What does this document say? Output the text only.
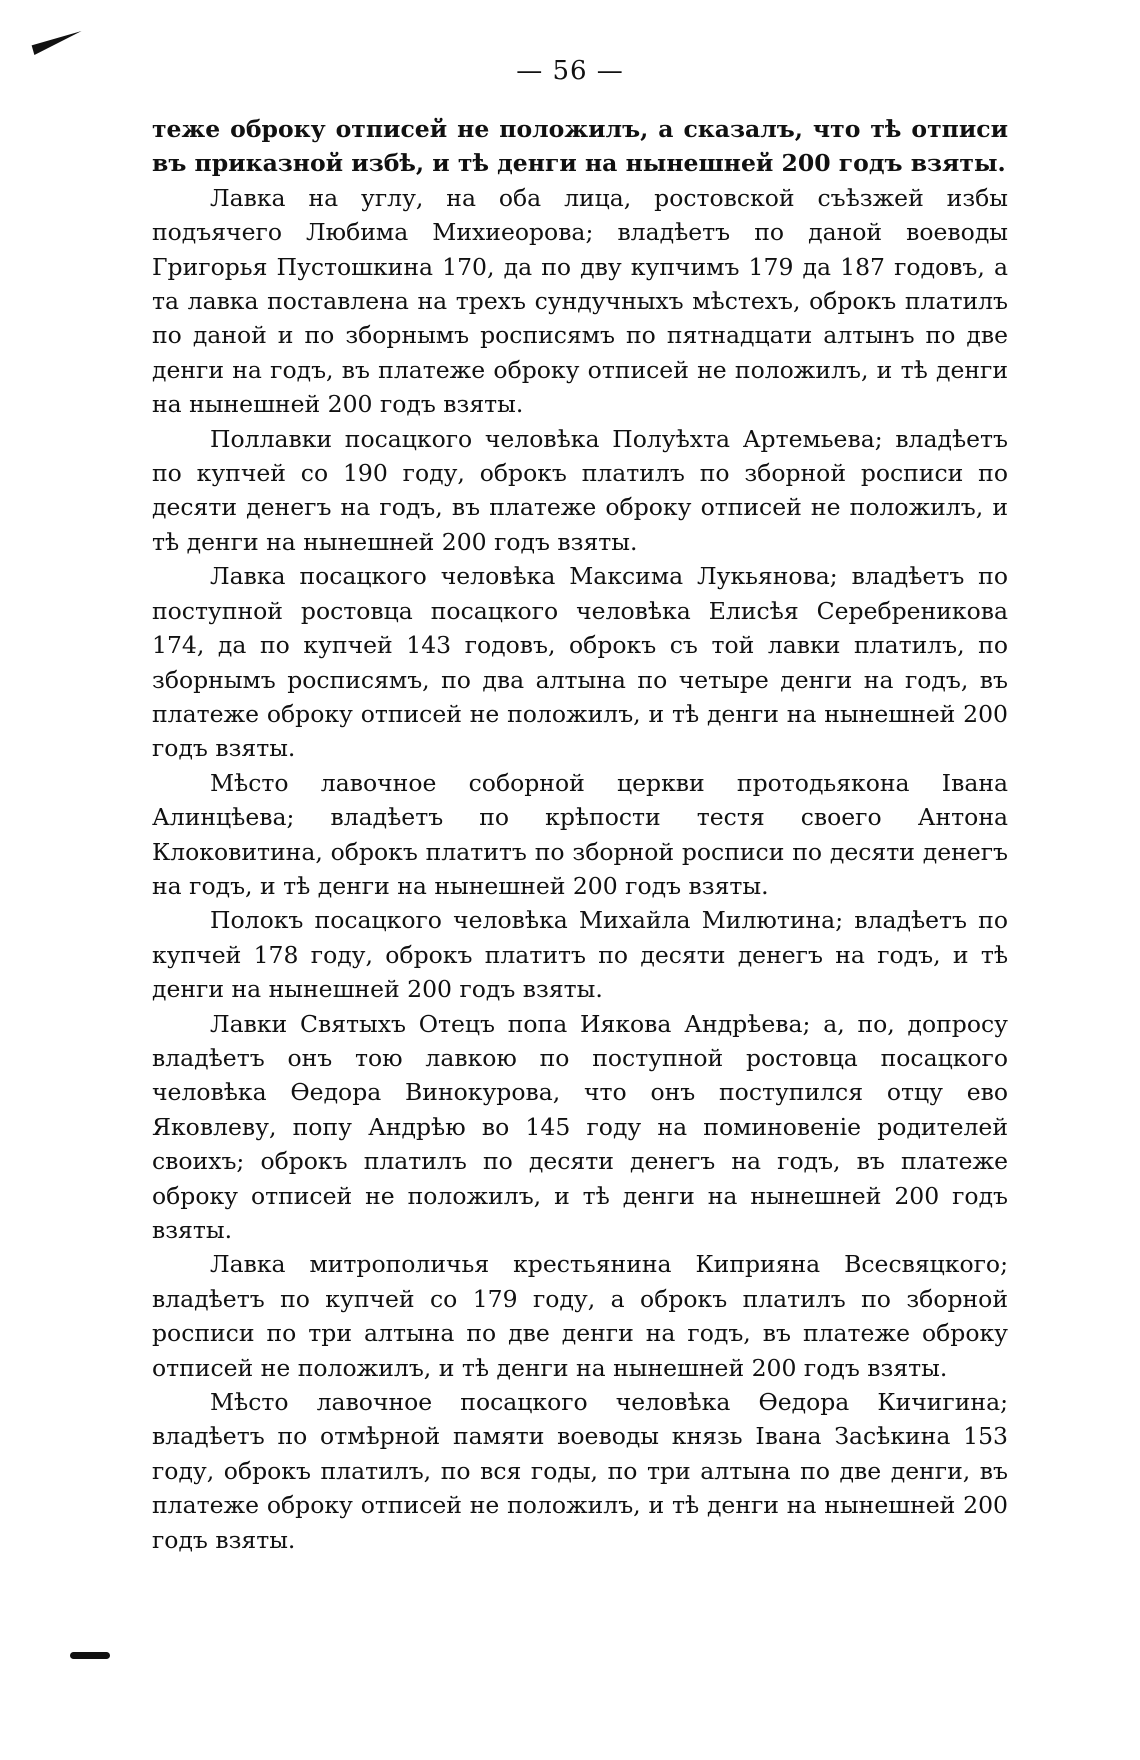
— 56 —

теже оброку отписей не положилъ, а сказалъ, что тѣ отписи въ приказной избѣ, и тѣ денги на нынешней 200 годъ взяты.

Лавка на углу, на оба лица, ростовской съѣзжей избы подъячего Любима Михиеорова; владѣетъ по даной воеводы Григорья Пустошкина 170, да по дву купчимъ 179 да 187 годовъ, а та лавка поставлена на трехъ сундучныхъ мѣстехъ, оброкъ платилъ по даной и по зборнымъ росписямъ по пятнадцати алтынъ по две денги на годъ, въ платеже оброку отписей не положилъ, и тѣ денги на нынешней 200 годъ взяты.

Поллавки посацкого человѣка Полуѣхта Артемьева; владѣетъ по купчей со 190 году, оброкъ платилъ по зборной росписи по десяти денегъ на годъ, въ платеже оброку отписей не положилъ, и тѣ денги на нынешней 200 годъ взяты.

Лавка посацкого человѣка Максима Лукьянова; владѣетъ по поступной ростовца посацкого человѣка Елисѣя Серебреникова 174, да по купчей 143 годовъ, оброкъ съ той лавки платилъ, по зборнымъ росписямъ, по два алтына по четыре денги на годъ, въ платеже оброку отписей не положилъ, и тѣ денги на нынешней 200 годъ взяты.

Мѣсто лавочное соборной церкви протодьякона Iвана Алинцѣева; владѣетъ по крѣпости тестя своего Антона Клоковитина, оброкъ платитъ по зборной росписи по десяти денегъ на годъ, и тѣ денги на нынешней 200 годъ взяты.

Полокъ посацкого человѣка Михайла Милютина; владѣетъ по купчей 178 году, оброкъ платитъ по десяти денегъ на годъ, и тѣ денги на нынешней 200 годъ взяты.

Лавки Святыхъ Отецъ попа Иякова Андрѣева; а, по, допросу владѣетъ онъ тою лавкою по поступной ростовца посацкого человѣка Ѳедора Винокурова, что онъ поступился отцу ево Яковлеву, попу Андрѣю во 145 году на поминовенiе родителей своихъ; оброкъ платилъ по десяти денегъ на годъ, въ платеже оброку отписей не положилъ, и тѣ денги на нынешней 200 годъ взяты.

Лавка митрополичья крестьянина Киприяна Всесвяцкого; владѣетъ по купчей со 179 году, а оброкъ платилъ по зборной росписи по три алтына по две денги на годъ, въ платеже оброку отписей не положилъ, и тѣ денги на нынешней 200 годъ взяты.

Мѣсто лавочное посацкого человѣка Ѳедора Кичигина; владѣетъ по отмѣрной памяти воеводы князь Iвана Засѣкина 153 году, оброкъ платилъ, по вся годы, по три алтына по две денги, въ платеже оброку отписей не положилъ, и тѣ денги на нынешней 200 годъ взяты.
